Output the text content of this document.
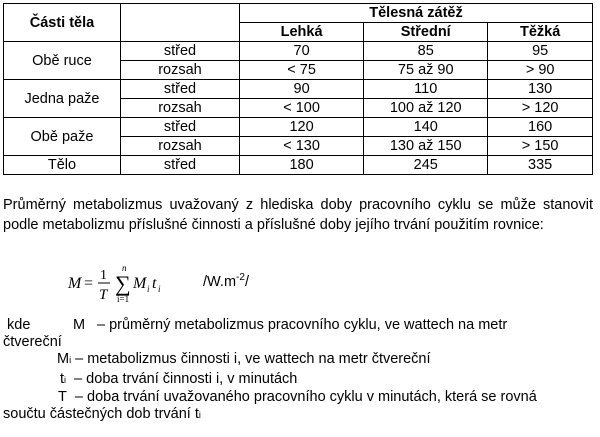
Části těla		Tělesná zátěž		
		Lehká	Střední	Těžká
Obě ruce	střed	70	85	95
	rozsah	< 75	75 až 90	> 90
Jedna paže	střed	90	110	130
	rozsah	< 100	100 až 120	> 120
Obě paže	střed	120	140	160
	rozsah	< 130	130 až 150	> 150
Tělo	střed	180	245	335
Průměrný metabolizmus uvažovaný z hlediska doby pracovního cyklu se může stanovit podle metabolizmu příslušné činnosti a příslušné doby jejího trvání použitím rovnice:
M = 1
T
n
∑
i=1
M i t i	$/W.m^{-2}/$
kde	M – průměrný metabolizmus pracovního cyklu, ve wattech na metr
čtvereční
Mi – metabolizmus činnosti i, ve wattech na metr čtvereční
ti – doba trvání činnosti i, v minutách
T – doba trvání uvažovaného pracovního cyklu v minutách, která se rovná
součtu částečných dob trvání ti
